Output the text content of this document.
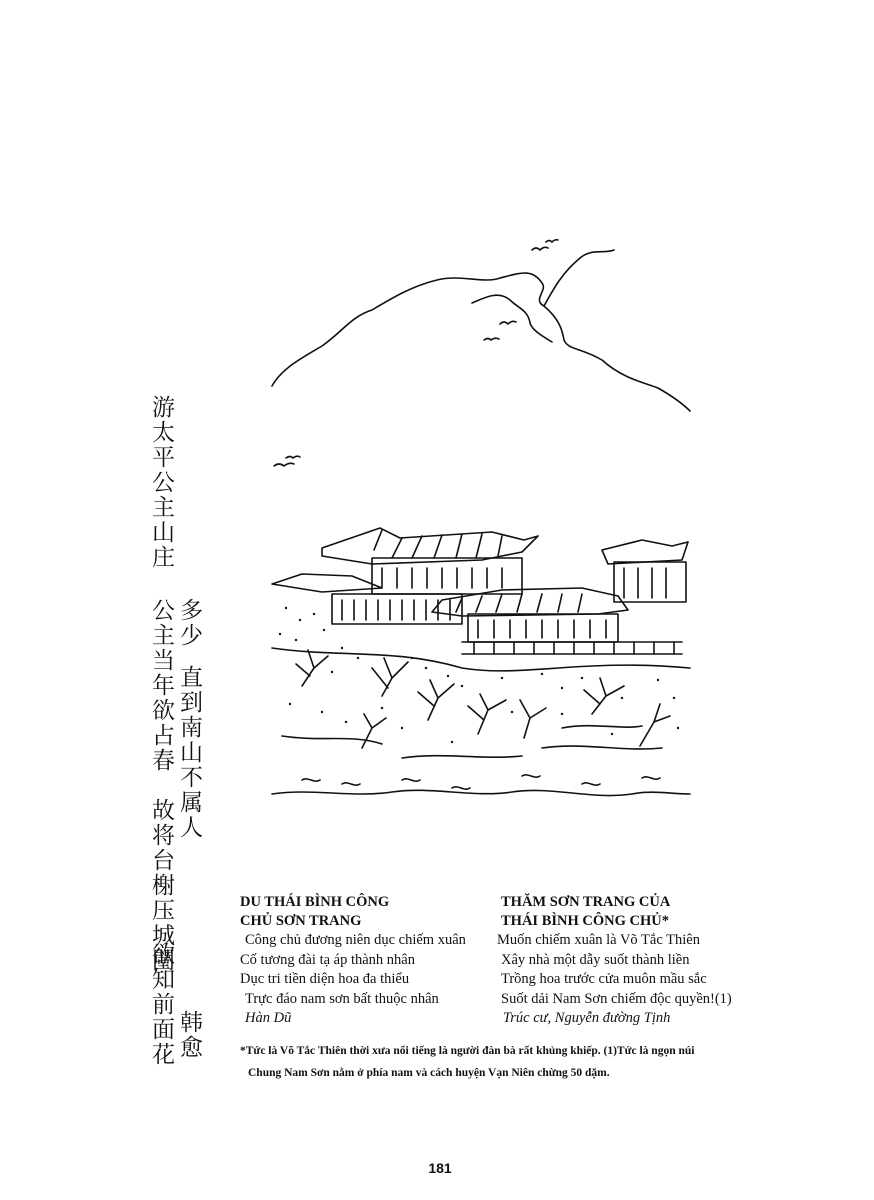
游太平公主山庄
公主当年欲占春 多少
直到南山不属人
故将台榭压城闉
欲知前面花 韩愈
DU THÁI BÌNH CÔNG
CHỦ SƠN TRANG
Công chủ đương niên dục chiếm xuân
Cố tương đài tạ áp thành nhân
Dục tri tiền diện hoa đa thiểu
Trực đáo nam sơn bất thuộc nhân
Hàn Dũ
THĂM SƠN TRANG CỦA
THÁI BÌNH CÔNG CHỦ*
Muốn chiếm xuân là Võ Tắc Thiên
Xây nhà một dẫy suốt thành liền
Trồng hoa trước cửa muôn mầu sắc
Suốt dải Nam Sơn chiếm độc quyền!(1)
Trúc cư, Nguyễn đường Tịnh
*Tức là Võ Tắc Thiên thời xưa nổi tiếng là người đàn bà rất khủng khiếp. (1)Tức là ngọn núi
Chung Nam Sơn nằm ở phía nam và cách huyện Vạn Niên chừng 50 dặm.
181
